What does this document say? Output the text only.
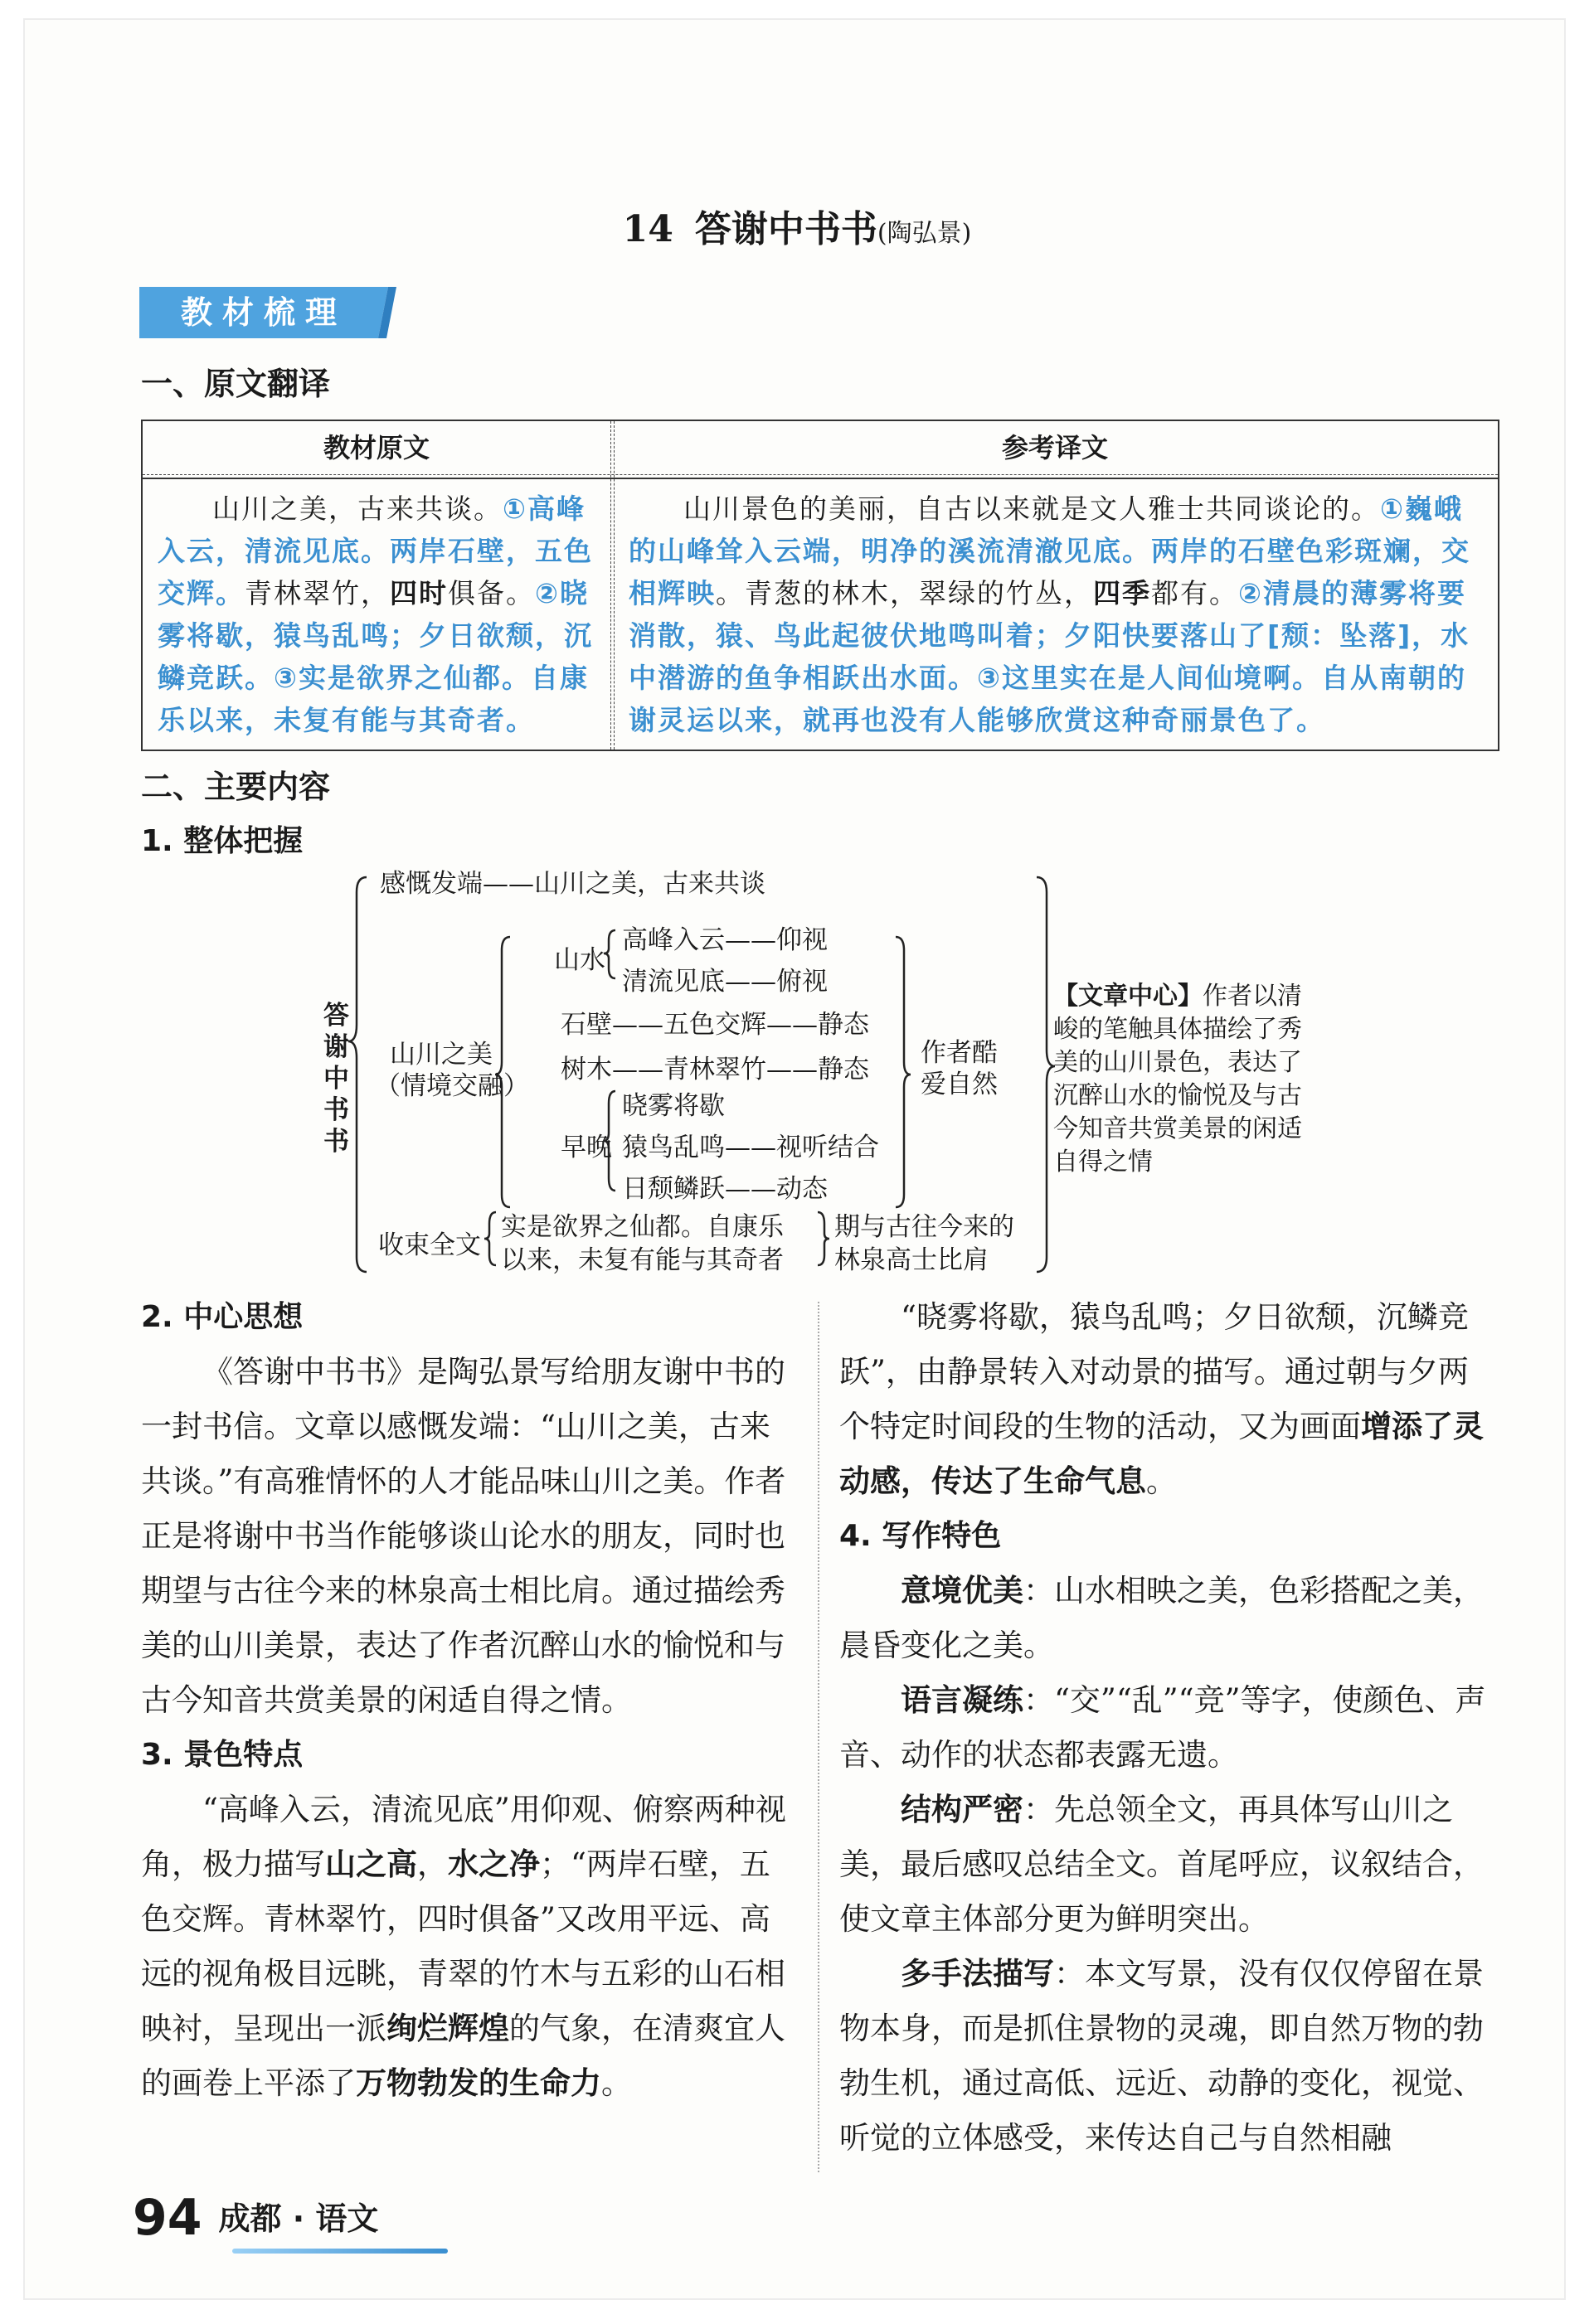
14 答谢中书书(陶弘景)
教材梳理
一、原文翻译
教材原文	参考译文

山川之美，古来共谈。①高峰入云，清流见底。两岸石壁，五色交辉。青林翠竹，四时俱备。②晓雾将歇，猿鸟乱鸣；夕日欲颓，沉鳞竞跃。③实是欲界之仙都。自康乐以来，未复有能与其奇者。

山川景色的美丽，自古以来就是文人雅士共同谈论的。①巍峨的山峰耸入云端，明净的溪流清澈见底。两岸的石壁色彩斑斓，交相辉映。青葱的林木，翠绿的竹丛，四季都有。②清晨的薄雾将要消散，猿、鸟此起彼伏地鸣叫着；夕阳快要落山了[颓：坠落]，水中潜游的鱼争相跃出水面。③这里实在是人间仙境啊。自从南朝的谢灵运以来，就再也没有人能够欣赏这种奇丽景色了。

二、主要内容
1. 整体把握
答谢中书书
感慨发端——山川之美，古来共谈
山川之美
（情境交融）
山水
高峰入云——仰视
清流见底——俯视
石壁——五色交辉——静态
树木——青林翠竹——静态
早晚
晓雾将歇
猿鸟乱鸣——视听结合
日颓鳞跃——动态
作者酷
爱自然
收束全文
实是欲界之仙都。自康乐
以来，未复有能与其奇者
期与古往今来的
林泉高士比肩
【文章中心】作者以清峻的笔触具体描绘了秀美的山川景色，表达了沉醉山水的愉悦及与古今知音共赏美景的闲适自得之情
2. 中心思想

《答谢中书书》是陶弘景写给朋友谢中书的一封书信。文章以感慨发端：“山川之美，古来共谈。”有高雅情怀的人才能品味山川之美。作者正是将谢中书当作能够谈山论水的朋友，同时也期望与古往今来的林泉高士相比肩。通过描绘秀美的山川美景，表达了作者沉醉山水的愉悦和与古今知音共赏美景的闲适自得之情。

3. 景色特点

“高峰入云，清流见底”用仰观、俯察两种视角，极力描写山之高，水之净；“两岸石壁，五色交辉。青林翠竹，四时俱备”又改用平远、高远的视角极目远眺，青翠的竹木与五彩的山石相映衬，呈现出一派绚烂辉煌的气象，在清爽宜人的画卷上平添了万物勃发的生命力。

“晓雾将歇，猿鸟乱鸣；夕日欲颓，沉鳞竞跃”，由静景转入对动景的描写。通过朝与夕两个特定时间段的生物的活动，又为画面增添了灵动感，传达了生命气息。

4. 写作特色

意境优美：山水相映之美，色彩搭配之美，晨昏变化之美。

语言凝练：“交”“乱”“竞”等字，使颜色、声音、动作的状态都表露无遗。

结构严密：先总领全文，再具体写山川之美，最后感叹总结全文。首尾呼应，议叙结合，使文章主体部分更为鲜明突出。

多手法描写：本文写景，没有仅仅停留在景物本身，而是抓住景物的灵魂，即自然万物的勃勃生机，通过高低、远近、动静的变化，视觉、听觉的立体感受，来传达自己与自然相融

94 成都 · 语文
